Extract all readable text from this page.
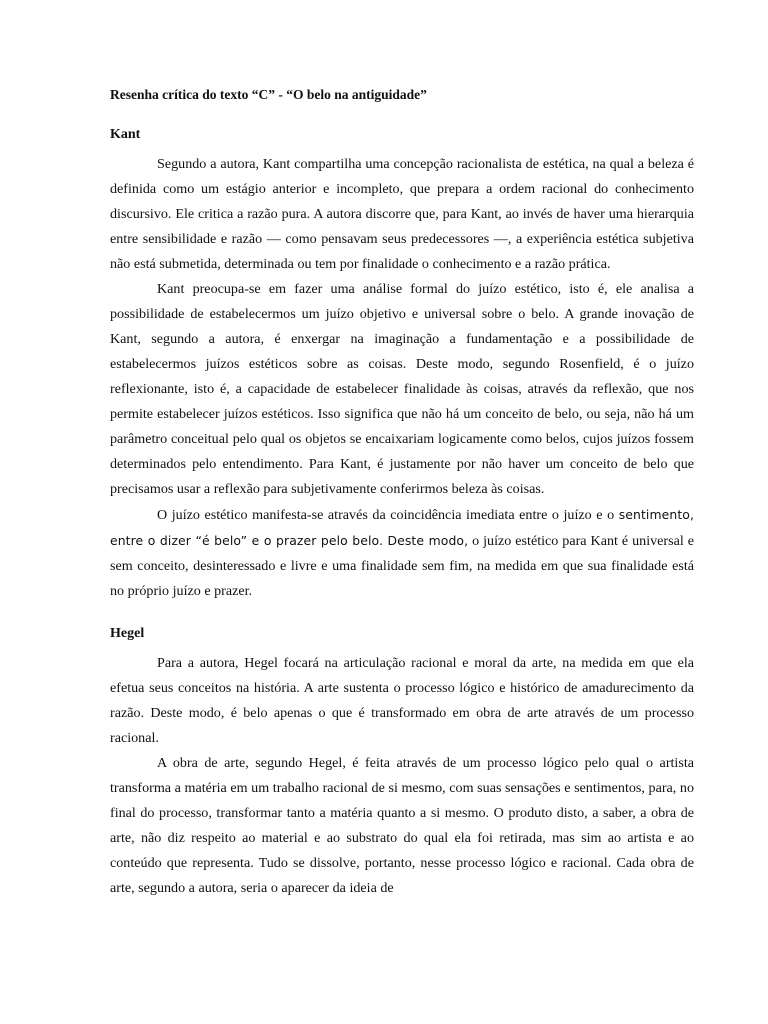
Resenha crítica do texto “C” - “O belo na antiguidade”
Kant

Segundo a autora, Kant compartilha uma concepção racionalista de estética, na qual a beleza é definida como um estágio anterior e incompleto, que prepara a ordem racional do conhecimento discursivo. Ele critica a razão pura. A autora discorre que, para Kant, ao invés de haver uma hierarquia entre sensibilidade e razão — como pensavam seus predecessores —, a experiência estética subjetiva não está submetida, determinada ou tem por finalidade o conhecimento e a razão prática.

Kant preocupa-se em fazer uma análise formal do juízo estético, isto é, ele analisa a possibilidade de estabelecermos um juízo objetivo e universal sobre o belo. A grande inovação de Kant, segundo a autora, é enxergar na imaginação a fundamentação e a possibilidade de estabelecermos juízos estéticos sobre as coisas. Deste modo, segundo Rosenfield, é o juízo reflexionante, isto é, a capacidade de estabelecer finalidade às coisas, através da reflexão, que nos permite estabelecer juízos estéticos. Isso significa que não há um conceito de belo, ou seja, não há um parâmetro conceitual pelo qual os objetos se encaixariam logicamente como belos, cujos juízos fossem determinados pelo entendimento. Para Kant, é justamente por não haver um conceito de belo que precisamos usar a reflexão para subjetivamente conferirmos beleza às coisas.

O juízo estético manifesta-se através da coincidência imediata entre o juízo e o sentimento, entre o dizer “é belo” e o prazer pelo belo. Deste modo, o juízo estético para Kant é universal e sem conceito, desinteressado e livre e uma finalidade sem fim, na medida em que sua finalidade está no próprio juízo e prazer.

Hegel

Para a autora, Hegel focará na articulação racional e moral da arte, na medida em que ela efetua seus conceitos na história. A arte sustenta o processo lógico e histórico de amadurecimento da razão. Deste modo, é belo apenas o que é transformado em obra de arte através de um processo racional.

A obra de arte, segundo Hegel, é feita através de um processo lógico pelo qual o artista transforma a matéria em um trabalho racional de si mesmo, com suas sensações e sentimentos, para, no final do processo, transformar tanto a matéria quanto a si mesmo. O produto disto, a saber, a obra de arte, não diz respeito ao material e ao substrato do qual ela foi retirada, mas sim ao artista e ao conteúdo que representa. Tudo se dissolve, portanto, nesse processo lógico e racional. Cada obra de arte, segundo a autora, seria o aparecer da ideia de
